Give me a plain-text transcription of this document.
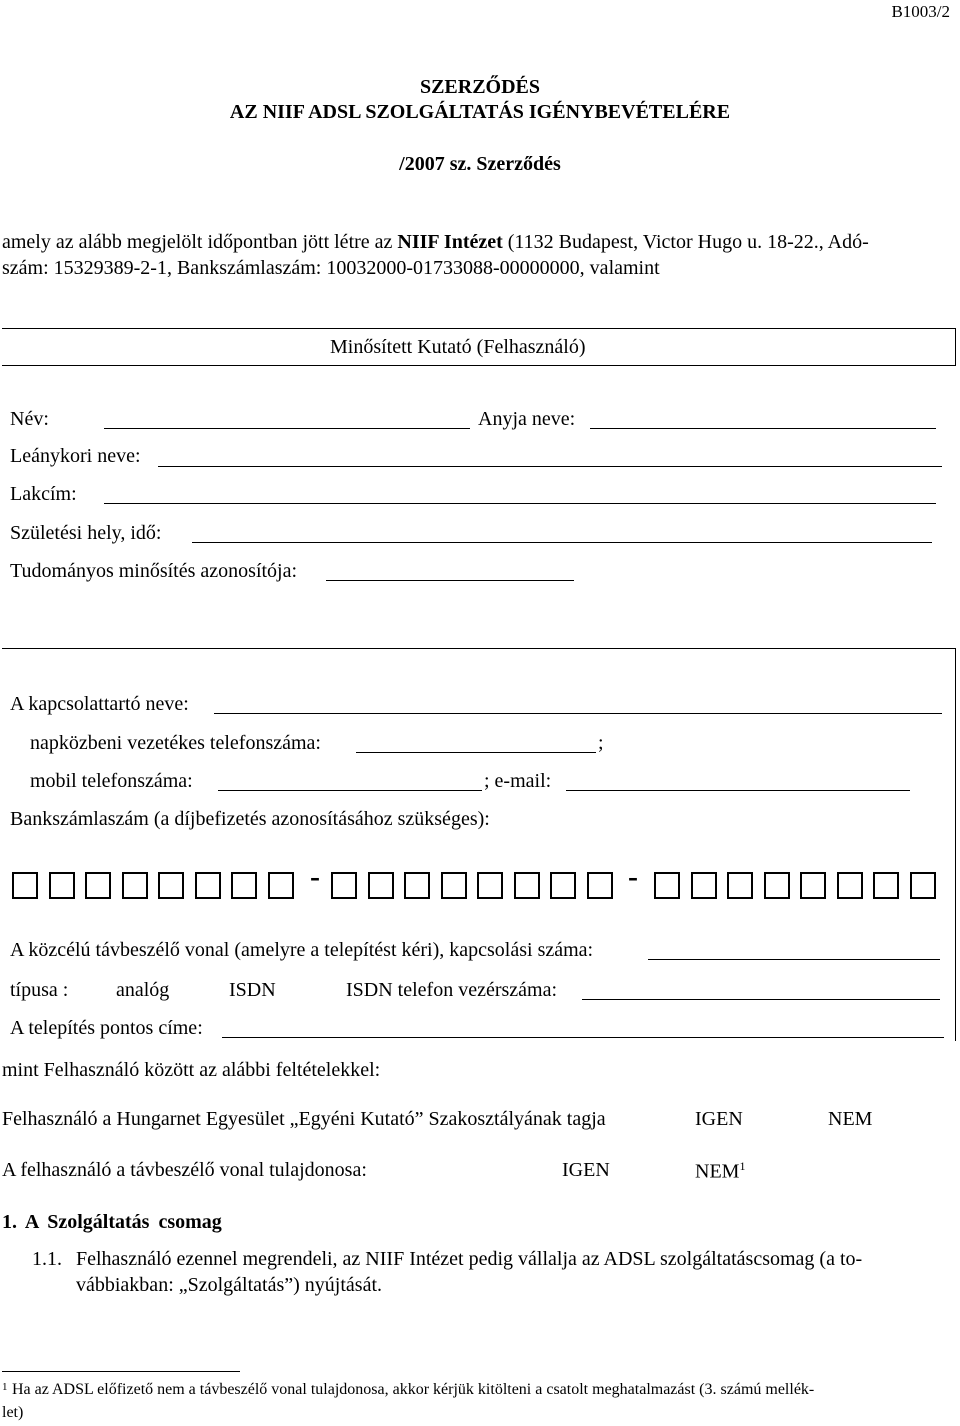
B1003/2
SZERZŐDÉS
AZ NIIF ADSL SZOLGÁLTATÁS IGÉNYBEVÉTELÉRE
/2007 sz. Szerződés
amely az alább megjelölt időpontban jött létre az NIIF Intézet (1132 Budapest, Victor Hugo u. 18-22., Adó-
szám: 15329389-2-1, Bankszámlaszám: 10032000-01733088-00000000, valamint
Minősített Kutató (Felhasználó)
Név:	Anyja neve:
Leánykori neve:
Lakcím:
Születési hely, idő:
Tudományos minősítés azonosítója:
A kapcsolattartó neve:
napközbeni vezetékes telefonszáma:	;
mobil telefonszáma:	; e-mail:
Bankszámlaszám (a díjbefizetés azonosításához szükséges):
-	-
A közcélú távbeszélő vonal (amelyre a telepítést kéri), kapcsolási száma:
típusa : analóg	ISDN	ISDN telefon vezérszáma:
A telepítés pontos címe:
mint Felhasználó között az alábbi feltételekkel:
Felhasználó a Hungarnet Egyesület „Egyéni Kutató” Szakosztályának tagja	IGEN	NEM
A felhasználó a távbeszélő vonal tulajdonosa:	IGEN	NEM$^1$
1. A Szolgáltatás csomag
1.1. Felhasználó ezennel megrendeli, az NIIF Intézet pedig vállalja az ADSL szolgáltatáscsomag (a to-
vábbiakban: „Szolgáltatás”) nyújtását.
1 Ha az ADSL előfizető nem a távbeszélő vonal tulajdonosa, akkor kérjük kitölteni a csatolt meghatalmazást (3. számú mellék-
let)
